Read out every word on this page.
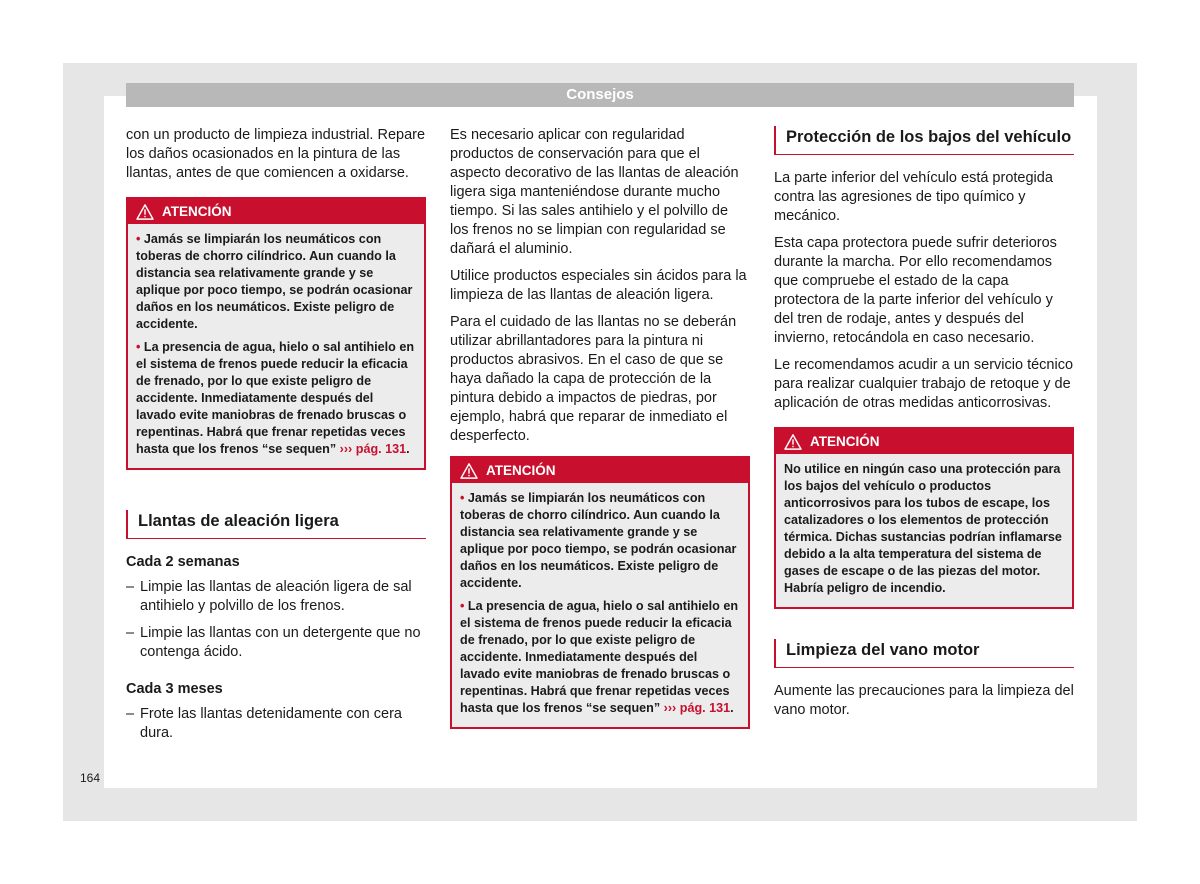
Consejos

con un producto de limpieza industrial. Repare los daños ocasionados en la pintura de las llantas, antes de que comiencen a oxidarse.

ATENCIÓN

• Jamás se limpiarán los neumáticos con toberas de chorro cilíndrico. Aun cuando la distancia sea relativamente grande y se aplique por poco tiempo, se podrán ocasionar daños en los neumáticos. Existe peligro de accidente.

• La presencia de agua, hielo o sal antihielo en el sistema de frenos puede reducir la eficacia de frenado, por lo que existe peligro de accidente. Inmediatamente después del lavado evite maniobras de frenado bruscas o repentinas. Habrá que frenar repetidas veces hasta que los frenos “se sequen” ››› pág. 131.

Llantas de aleación ligera
Cada 2 semanas
– Limpie las llantas de aleación ligera de sal antihielo y polvillo de los frenos.
– Limpie las llantas con un detergente que no contenga ácido.
Cada 3 meses
– Frote las llantas detenidamente con cera dura.

Es necesario aplicar con regularidad productos de conservación para que el aspecto decorativo de las llantas de aleación ligera siga manteniéndose durante mucho tiempo. Si las sales antihielo y el polvillo de los frenos no se limpian con regularidad se dañará el aluminio.

Utilice productos especiales sin ácidos para la limpieza de las llantas de aleación ligera.

Para el cuidado de las llantas no se deberán utilizar abrillantadores para la pintura ni productos abrasivos. En el caso de que se haya dañado la capa de protección de la pintura debido a impactos de piedras, por ejemplo, habrá que reparar de inmediato el desperfecto.

ATENCIÓN

• Jamás se limpiarán los neumáticos con toberas de chorro cilíndrico. Aun cuando la distancia sea relativamente grande y se aplique por poco tiempo, se podrán ocasionar daños en los neumáticos. Existe peligro de accidente.

• La presencia de agua, hielo o sal antihielo en el sistema de frenos puede reducir la eficacia de frenado, por lo que existe peligro de accidente. Inmediatamente después del lavado evite maniobras de frenado bruscas o repentinas. Habrá que frenar repetidas veces hasta que los frenos “se sequen” ››› pág. 131.

Protección de los bajos del vehículo

La parte inferior del vehículo está protegida contra las agresiones de tipo químico y mecánico.

Esta capa protectora puede sufrir deterioros durante la marcha. Por ello recomendamos que compruebe el estado de la capa protectora de la parte inferior del vehículo y del tren de rodaje, antes y después del invierno, retocándola en caso necesario.

Le recomendamos acudir a un servicio técnico para realizar cualquier trabajo de retoque y de aplicación de otras medidas anticorrosivas.

ATENCIÓN

No utilice en ningún caso una protección para los bajos del vehículo o productos anticorrosivos para los tubos de escape, los catalizadores o los elementos de protección térmica. Dichas sustancias podrían inflamarse debido a la alta temperatura del sistema de gases de escape o de las piezas del motor. Habría peligro de incendio.

Limpieza del vano motor

Aumente las precauciones para la limpieza del vano motor.

164
